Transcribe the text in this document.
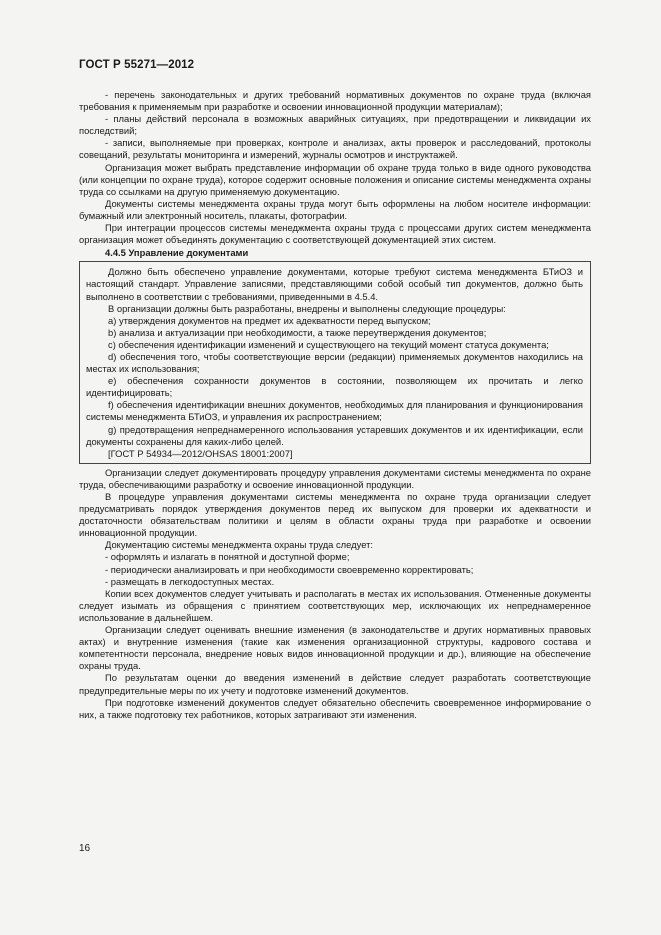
ГОСТ Р 55271—2012

- перечень законодательных и других требований нормативных документов по охране труда (включая требования к применяемым при разработке и освоении инновационной продукции материалам);

- планы действий персонала в возможных аварийных ситуациях, при предотвращении и ликвидации их последствий;

- записи, выполняемые при проверках, контроле и анализах, акты проверок и расследований, протоколы совещаний, результаты мониторинга и измерений, журналы осмотров и инструктажей.

Организация может выбрать представление информации об охране труда только в виде одного руководства (или концепции по охране труда), которое содержит основные положения и описание системы менеджмента охраны труда со ссылками на другую применяемую документацию.

Документы системы менеджмента охраны труда могут быть оформлены на любом носителе информации: бумажный или электронный носитель, плакаты, фотографии.

При интеграции процессов системы менеджмента охраны труда с процессами других систем менеджмента организация может объединять документацию с соответствующей документацией этих систем.

4.4.5 Управление документами

Должно быть обеспечено управление документами, которые требуют система менеджмента БТиОЗ и настоящий стандарт. Управление записями, представляющими собой особый тип документов, должно быть выполнено в соответствии с требованиями, приведенными в 4.5.4.

В организации должны быть разработаны, внедрены и выполнены следующие процедуры:

a) утверждения документов на предмет их адекватности перед выпуском;

b) анализа и актуализации при необходимости, а также переутверждения документов;

c) обеспечения идентификации изменений и существующего на текущий момент статуса документа;

d) обеспечения того, чтобы соответствующие версии (редакции) применяемых документов находились на местах их использования;

e) обеспечения сохранности документов в состоянии, позволяющем их прочитать и легко идентифицировать;

f) обеспечения идентификации внешних документов, необходимых для планирования и функционирования системы менеджмента БТиОЗ, и управления их распространением;

g) предотвращения непреднамеренного использования устаревших документов и их идентификации, если документы сохранены для каких-либо целей.

[ГОСТ Р 54934—2012/OHSAS 18001:2007]

Организации следует документировать процедуру управления документами системы менеджмента по охране труда, обеспечивающими разработку и освоение инновационной продукции.

В процедуре управления документами системы менеджмента по охране труда организации следует предусматривать порядок утверждения документов перед их выпуском для проверки их адекватности и достаточности обязательствам политики и целям в области охраны труда при разработке и освоении инновационной продукции.

Документацию системы менеджмента охраны труда следует:

- оформлять и излагать в понятной и доступной форме;

- периодически анализировать и при необходимости своевременно корректировать;

- размещать в легкодоступных местах.

Копии всех документов следует учитывать и располагать в местах их использования. Отмененные документы следует изымать из обращения с принятием соответствующих мер, исключающих их непреднамеренное использование в дальнейшем.

Организации следует оценивать внешние изменения (в законодательстве и других нормативных правовых актах) и внутренние изменения (такие как изменения организационной структуры, кадрового состава и компетентности персонала, внедрение новых видов инновационной продукции и др.), влияющие на обеспечение охраны труда.

По результатам оценки до введения изменений в действие следует разработать соответствующие предупредительные меры по их учету и подготовке изменений документов.

При подготовке изменений документов следует обязательно обеспечить своевременное информирование о них, а также подготовку тех работников, которых затрагивают эти изменения.

16
